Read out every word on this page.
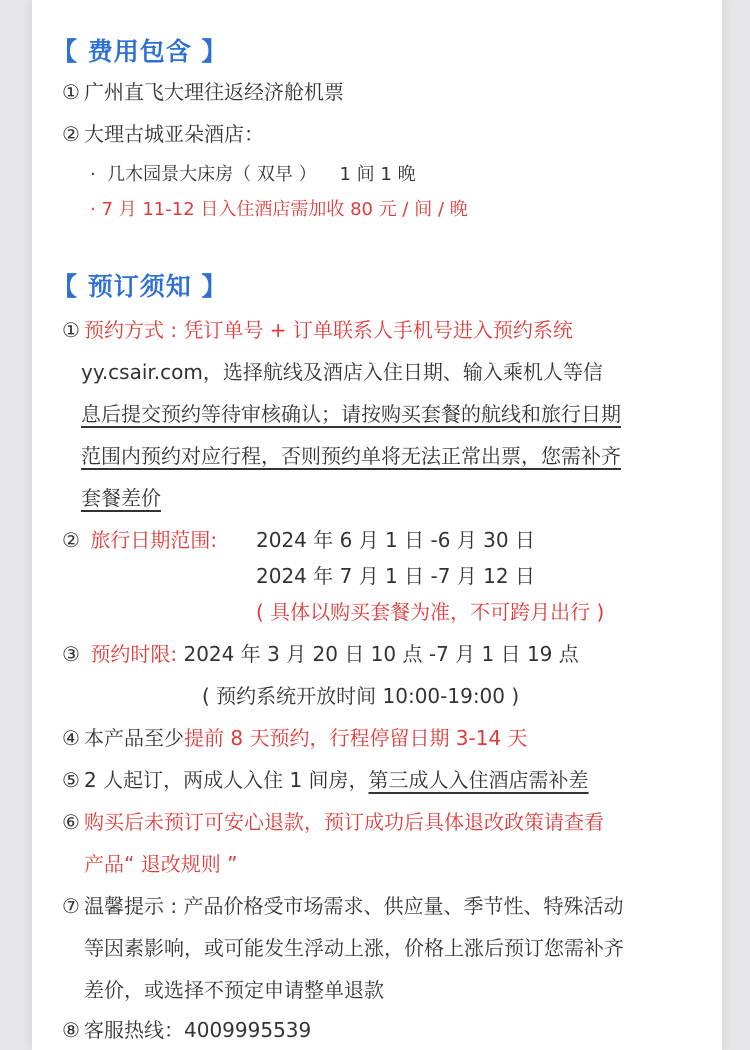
【 费用包含 】
① 广州直飞大理往返经济舱机票
② 大理古城亚朵酒店：
·  几木园景大床房（ 双早 ）    1 间 1 晚
· 7 月 11-12 日入住酒店需加收 80 元 / 间 / 晚
【 预订须知 】
① 预约方式 : 凭订单号 + 订单联系人手机号进入预约系统
yy.csair.com，选择航线及酒店入住日期、输入乘机人等信
息后提交预约等待审核确认；请按购买套餐的航线和旅行日期
范围内预约对应行程，否则预约单将无法正常出票，您需补齐
套餐差价
② 旅行日期范围: 2024 年 6 月 1 日 -6 月 30 日
2024 年 7 月 1 日 -7 月 12 日
( 具体以购买套餐为准，不可跨月出行 )
③ 预约时限: 2024 年 3 月 20 日 10 点 -7 月 1 日 19 点
( 预约系统开放时间 10:00-19:00 )
④ 本产品至少提前 8 天预约，行程停留日期 3-14 天
⑤ 2 人起订，两成人入住 1 间房，第三成人入住酒店需补差
⑥ 购买后未预订可安心退款，预订成功后具体退改政策请查看
产品“ 退改规则 ”
⑦ 温馨提示 : 产品价格受市场需求、供应量、季节性、特殊活动
等因素影响，或可能发生浮动上涨，价格上涨后预订您需补齐
差价，或选择不预定申请整单退款
⑧ 客服热线：4009995539
